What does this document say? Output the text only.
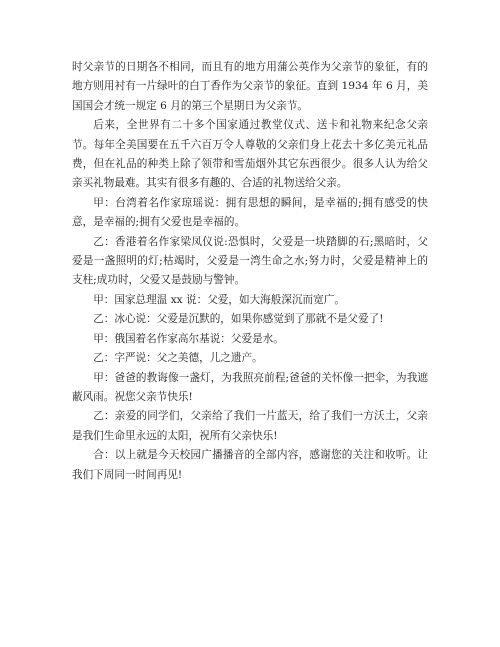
时父亲节的日期各不相同，而且有的地方用蒲公英作为父亲节的象征，有的地方则用衬有一片绿叶的白丁香作为父亲节的象征。直到 1934 年 6 月，美国国会才统一规定 6 月的第三个星期日为父亲节。

后来，全世界有二十多个国家通过教堂仪式、送卡和礼物来纪念父亲节。每年全美国要在五千六百万令人尊敬的父亲们身上花去十多亿美元礼品费，但在礼品的种类上除了领带和雪茄烟外其它东西很少。很多人认为给父亲买礼物最难。其实有很多有趣的、合适的礼物送给父亲。

甲：台湾着名作家琼瑶说：拥有思想的瞬间，是幸福的;拥有感受的快意，是幸福的;拥有父爱也是幸福的。

乙：香港着名作家梁凤仪说:恐惧时，父爱是一块踏脚的石;黑暗时，父爱是一盏照明的灯;枯竭时，父爱是一湾生命之水;努力时，父爱是精神上的支柱;成功时，父爱又是鼓励与警钟。

甲：国家总理温 xx 说：父爱，如大海般深沉而宽广。

乙：冰心说：父爱是沉默的，如果你感觉到了那就不是父爱了!

甲：俄国着名作家高尔基说：父爱是水。

乙：字严说：父之美德，儿之遗产。

甲：爸爸的教诲像一盏灯，为我照亮前程;爸爸的关怀像一把伞，为我遮蔽风雨。祝您父亲节快乐!

乙：亲爱的同学们，父亲给了我们一片蓝天，给了我们一方沃土，父亲是我们生命里永远的太阳，祝所有父亲快乐!

合：以上就是今天校园广播播音的全部内容，感谢您的关注和收听。让我们下周同一时间再见!
